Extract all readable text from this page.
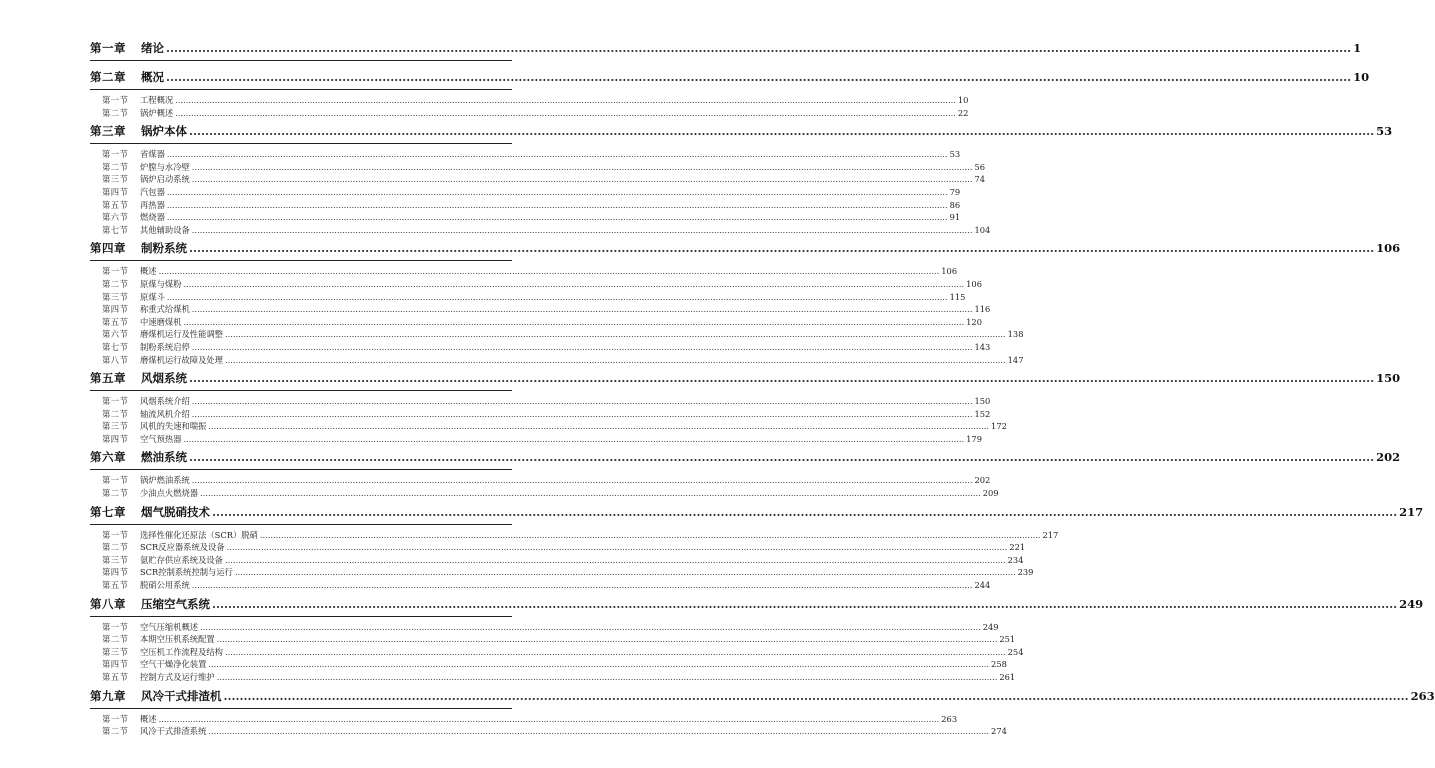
第一章	绪论 .....	1
第二章	概况 .....	10
第一节	工程概况 .....	10
第二节	锅炉概述 .....	22
第三章	锅炉本体 .....	53
第一节	省煤器 .....	53
第二节	炉膛与水冷壁 .....	56
第三节	锅炉启动系统 .....	74
第四节	汽包器 .....	79
第五节	再热器 .....	86
第六节	燃烧器 .....	91
第七节	其他辅助设备 .....	104
第四章	制粉系统 .....	106
第一节	概述 .....	106
第二节	原煤与煤粉 .....	106
第三节	原煤斗 .....	115
第四节	称重式给煤机 .....	116
第五节	中速磨煤机 .....	120
第六节	磨煤机运行及性能调整 .....	138
第七节	制粉系统启停 .....	143
第八节	磨煤机运行故障及处理 .....	147
第五章	风烟系统 .....	150
第一节	风烟系统介绍 .....	150
第二节	轴流风机介绍 .....	152
第三节	风机的失速和喘振 .....	172
第四节	空气预热器 .....	179
第六章	燃油系统 .....	202
第一节	锅炉燃油系统 .....	202
第二节	少油点火燃烧器 .....	209
第七章	烟气脱硝技术 .....	217
第一节	选择性催化还原法（SCR）脱硝 .....	217
第二节	SCR反应器系统及设备 .....	221
第三节	氨贮存供应系统及设备 .....	234
第四节	SCR控制系统控制与运行 .....	239
第五节	脱硝公用系统 .....	244
第八章	压缩空气系统 .....	249
第一节	空气压缩机概述 .....	249
第二节	本期空压机系统配置 .....	251
第三节	空压机工作流程及结构 .....	254
第四节	空气干燥净化装置 .....	258
第五节	控制方式及运行维护 .....	261
第九章	风冷干式排渣机 .....	263
第一节	概述 .....	263
第二节	风冷干式排渣系统 .....	274
